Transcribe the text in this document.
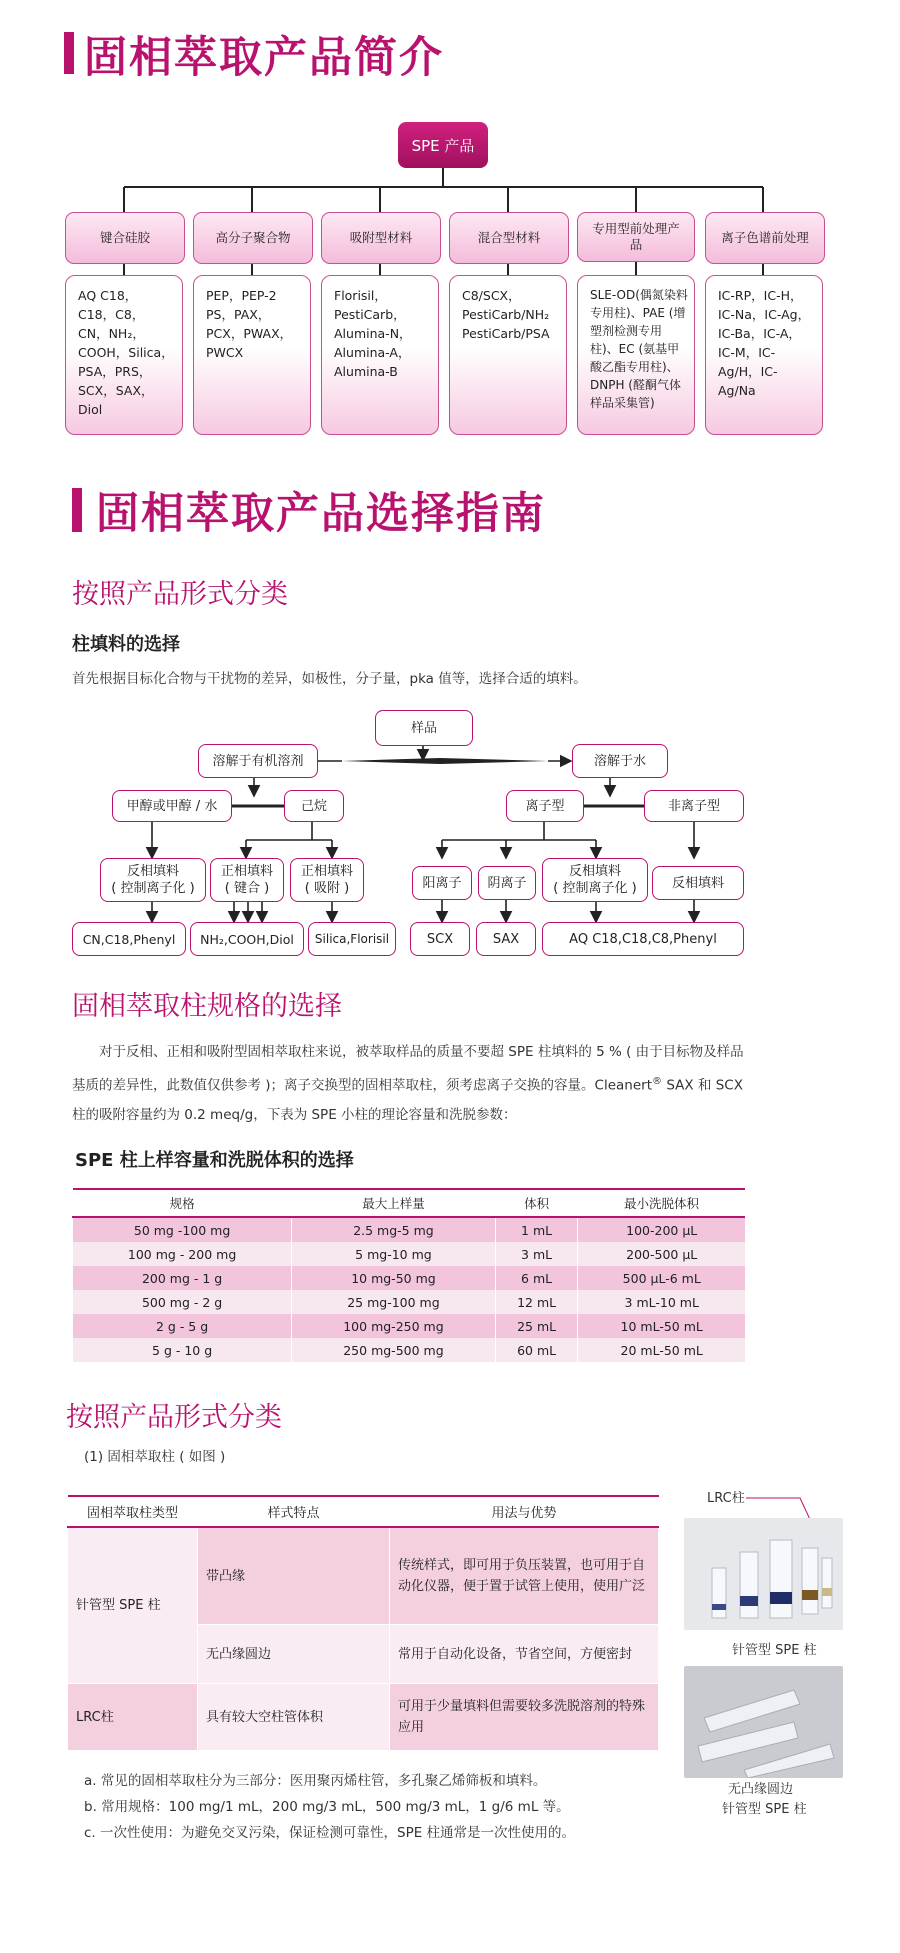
固相萃取产品简介
SPE 产品
键合硅胶	高分子聚合物	吸附型材料	混合型材料
专用型前处理产品	离子色谱前处理
AQ C18，C18，C8，CN，NH₂，COOH，Silica，PSA，PRS，SCX，SAX，Diol
PEP，PEP-2 PS，PAX，PCX，PWAX，PWCX
Florisil，PestiCarb，Alumina-N，Alumina-A，Alumina-B
C8/SCX，PestiCarb/NH₂ PestiCarb/PSA
SLE-OD(偶氮染料专用柱)、PAE (增塑剂检测专用柱)、EC (氨基甲酸乙酯专用柱)、DNPH (醛酮气体样品采集管)
IC-RP，IC-H，IC-Na，IC-Ag，IC-Ba，IC-A，IC-M，IC-Ag/H，IC-Ag/Na
固相萃取产品选择指南
按照产品形式分类
柱填料的选择
首先根据目标化合物与干扰物的差异，如极性，分子量，pka 值等，选择合适的填料。
样品
溶解于有机溶剂	溶解于水
甲醇或甲醇 / 水	己烷	离子型	非离子型
反相填料
( 控制离子化 )
正相填料
( 键合 )
正相填料
( 吸附 )	阳离子	阴离子
反相填料
( 控制离子化 )	反相填料
CN,C18,Phenyl	NH₂,COOH,Diol	Silica,Florisil	SCX	SAX	AQ C18,C18,C8,Phenyl
固相萃取柱规格的选择
对于反相、正相和吸附型固相萃取柱来说，被萃取样品的质量不要超 SPE 柱填料的 5 % ( 由于目标物及样品基质的差异性，此数值仅供参考 )；离子交换型的固相萃取柱，须考虑离子交换的容量。Cleanert® SAX 和 SCX 柱的吸附容量约为 0.2 meq/g，下表为 SPE 小柱的理论容量和洗脱参数：
SPE 柱上样容量和洗脱体积的选择
规格	最大上样量	体积	最小洗脱体积
50 mg -100 mg	2.5 mg-5 mg	1 mL	100-200 μL
100 mg - 200 mg	5 mg-10 mg	3 mL	200-500 μL
200 mg - 1 g	10 mg-50 mg	6 mL	500 μL-6 mL
500 mg - 2 g	25 mg-100 mg	12 mL	3 mL-10 mL
2 g - 5 g	100 mg-250 mg	25 mL	10 mL-50 mL
5 g - 10 g	250 mg-500 mg	60 mL	20 mL-50 mL
按照产品形式分类
(1) 固相萃取柱 ( 如图 )
固相萃取柱类型	样式特点	用法与优势
针管型 SPE 柱	带凸缘	传统样式，即可用于负压装置，也可用于自动化仪器，便于置于试管上使用，使用广泛
	无凸缘圆边	常用于自动化设备，节省空间，方便密封
LRC柱	具有较大空柱管体积	可用于少量填料但需要较多洗脱溶剂的特殊应用
a. 常见的固相萃取柱分为三部分：医用聚丙烯柱管，多孔聚乙烯筛板和填料。
b. 常用规格：100 mg/1 mL，200 mg/3 mL，500 mg/3 mL，1 g/6 mL 等。
c. 一次性使用：为避免交叉污染，保证检测可靠性，SPE 柱通常是一次性使用的。
LRC柱
针管型 SPE 柱
无凸缘圆边
针管型 SPE 柱
